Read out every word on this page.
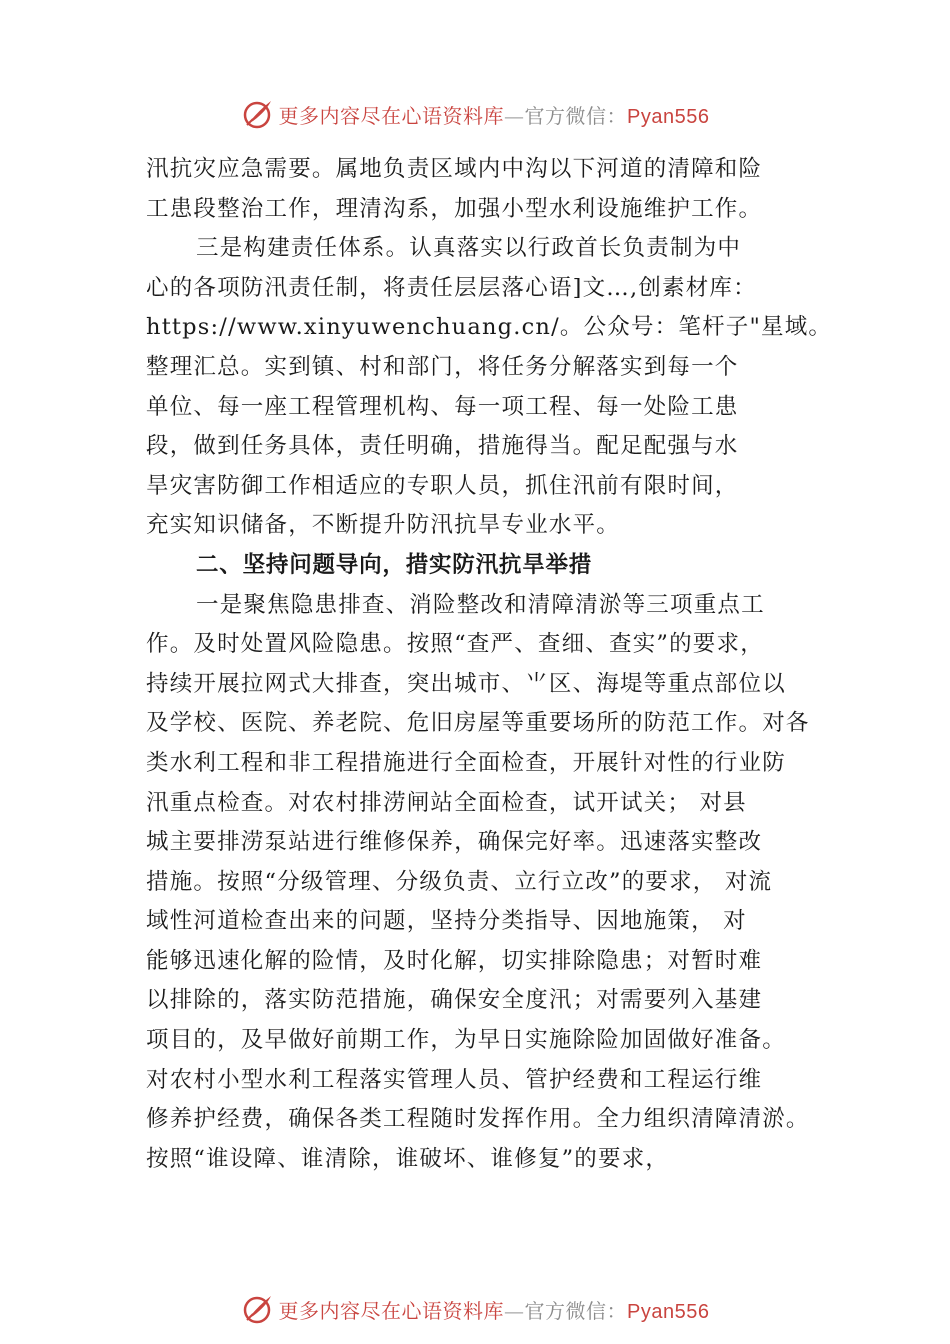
更多内容尽在心语资料库—官方微信：Pyan556
汛抗灾应急需要。属地负责区域内中沟以下河道的清障和险
工患段整治工作，理清沟系，加强小型水利设施维护工作。
三是构建责任体系。认真落实以行政首长负责制为中
心的各项防汛责任制，将责任层层落心语]文…,创素材库：
https://www.xinyuwenchuang.cn/。公众号：笔杆子"星域。
整理汇总。实到镇、村和部门，将任务分解落实到每一个
单位、每一座工程管理机构、每一项工程、每一处险工患
段，做到任务具体，责任明确，措施得当。配足配强与水
旱灾害防御工作相适应的专职人员，抓住汛前有限时间，
充实知识储备，不断提升防汛抗旱专业水平。
二、坚持问题导向，措实防汛抗旱举措
一是聚焦隐患排查、消险整改和清障清淤等三项重点工
作。及时处置风险隐患。按照“查严、查细、查实”的要求，
持续开展拉网式大排查，突出城市、⺌区、海堤等重点部位以
及学校、医院、养老院、危旧房屋等重要场所的防范工作。对各
类水利工程和非工程措施进行全面检查，开展针对性的行业防
汛重点检查。对农村排涝闸站全面检查，试开试关； 对县
城主要排涝泵站进行维修保养，确保完好率。迅速落实整改
措施。按照“分级管理、分级负责、立行立改”的要求， 对流
域性河道检查出来的问题，坚持分类指导、因地施策， 对
能够迅速化解的险情，及时化解，切实排除隐患；对暂时难
以排除的，落实防范措施，确保安全度汛；对需要列入基建
项目的，及早做好前期工作，为早日实施除险加固做好准备。
对农村小型水利工程落实管理人员、管护经费和工程运行维
修养护经费，确保各类工程随时发挥作用。全力组织清障清淤。
按照“谁设障、谁清除，谁破坏、谁修复”的要求，
更多内容尽在心语资料库—官方微信：Pyan556
